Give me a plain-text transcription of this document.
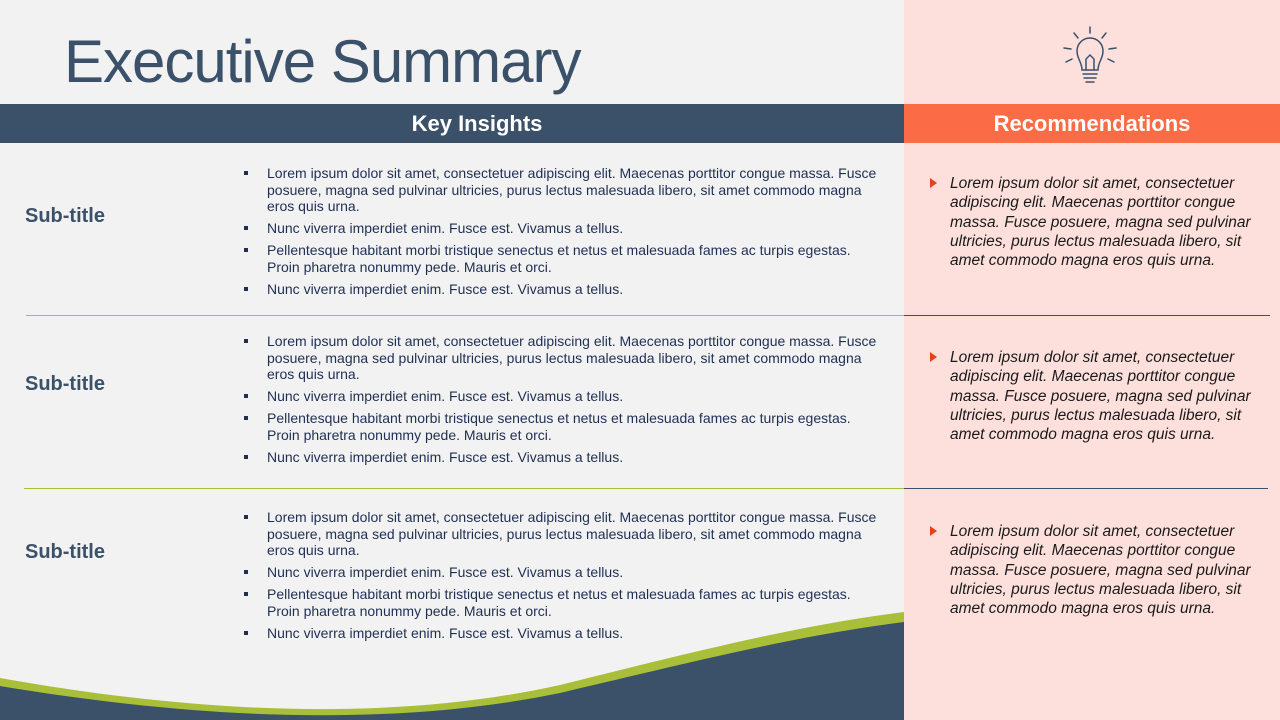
Executive Summary
Key Insights	Recommendations
Sub-title
Lorem ipsum dolor sit amet, consectetuer adipiscing elit. Maecenas porttitor congue massa. Fusce posuere, magna sed pulvinar ultricies, purus lectus malesuada libero, sit amet commodo magna eros quis urna.
Nunc viverra imperdiet enim. Fusce est. Vivamus a tellus.
Pellentesque habitant morbi tristique senectus et netus et malesuada fames ac turpis egestas. Proin pharetra nonummy pede. Mauris et orci.
Nunc viverra imperdiet enim. Fusce est. Vivamus a tellus.
Lorem ipsum dolor sit amet, consectetuer adipiscing elit. Maecenas porttitor congue massa. Fusce posuere, magna sed pulvinar ultricies, purus lectus malesuada libero, sit amet commodo magna eros quis urna.
Sub-title
Lorem ipsum dolor sit amet, consectetuer adipiscing elit. Maecenas porttitor congue massa. Fusce posuere, magna sed pulvinar ultricies, purus lectus malesuada libero, sit amet commodo magna eros quis urna.
Nunc viverra imperdiet enim. Fusce est. Vivamus a tellus.
Pellentesque habitant morbi tristique senectus et netus et malesuada fames ac turpis egestas. Proin pharetra nonummy pede. Mauris et orci.
Nunc viverra imperdiet enim. Fusce est. Vivamus a tellus.
Lorem ipsum dolor sit amet, consectetuer adipiscing elit. Maecenas porttitor congue massa. Fusce posuere, magna sed pulvinar ultricies, purus lectus malesuada libero, sit amet commodo magna eros quis urna.
Sub-title
Lorem ipsum dolor sit amet, consectetuer adipiscing elit. Maecenas porttitor congue massa. Fusce posuere, magna sed pulvinar ultricies, purus lectus malesuada libero, sit amet commodo magna eros quis urna.
Nunc viverra imperdiet enim. Fusce est. Vivamus a tellus.
Pellentesque habitant morbi tristique senectus et netus et malesuada fames ac turpis egestas. Proin pharetra nonummy pede. Mauris et orci.
Nunc viverra imperdiet enim. Fusce est. Vivamus a tellus.
Lorem ipsum dolor sit amet, consectetuer adipiscing elit. Maecenas porttitor congue massa. Fusce posuere, magna sed pulvinar ultricies, purus lectus malesuada libero, sit amet commodo magna eros quis urna.
